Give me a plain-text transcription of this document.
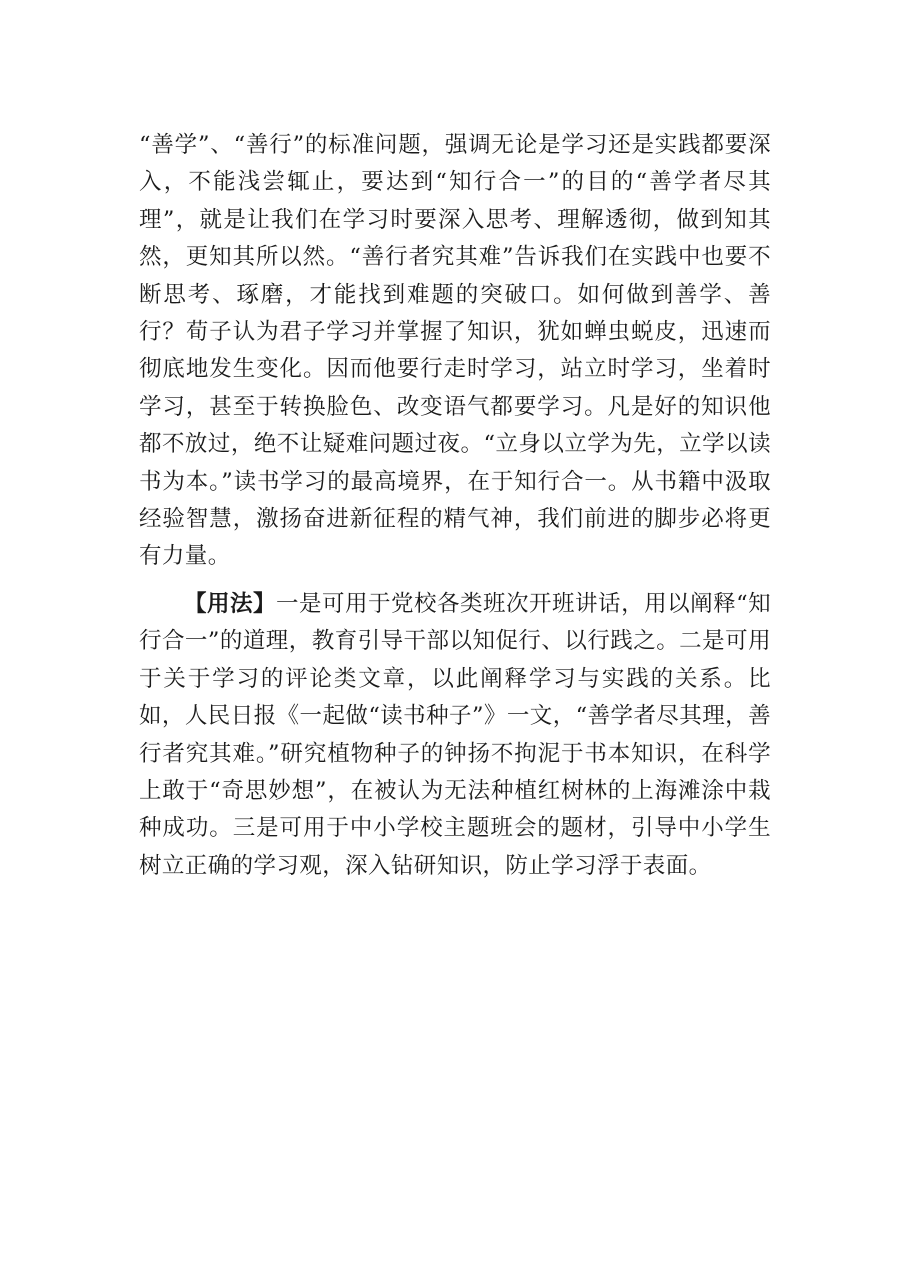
“善学”、“善行”的标准问题，强调无论是学习还是实践都要深入，不能浅尝辄止，要达到“知行合一”的目的“善学者尽其理”，就是让我们在学习时要深入思考、理解透彻，做到知其然，更知其所以然。“善行者究其难”告诉我们在实践中也要不断思考、琢磨，才能找到难题的突破口。如何做到善学、善行？荀子认为君子学习并掌握了知识，犹如蝉虫蜕皮，迅速而彻底地发生变化。因而他要行走时学习，站立时学习，坐着时学习，甚至于转换脸色、改变语气都要学习。凡是好的知识他都不放过，绝不让疑难问题过夜。“立身以立学为先，立学以读书为本。”读书学习的最高境界，在于知行合一。从书籍中汲取经验智慧，激扬奋进新征程的精气神，我们前进的脚步必将更有力量。

【用法】一是可用于党校各类班次开班讲话，用以阐释“知行合一”的道理，教育引导干部以知促行、以行践之。二是可用于关于学习的评论类文章，以此阐释学习与实践的关系。比如，人民日报《一起做“读书种子”》一文，“善学者尽其理，善行者究其难。”研究植物种子的钟扬不拘泥于书本知识，在科学上敢于“奇思妙想”，在被认为无法种植红树林的上海滩涂中栽种成功。三是可用于中小学校主题班会的题材，引导中小学生树立正确的学习观，深入钻研知识，防止学习浮于表面。
